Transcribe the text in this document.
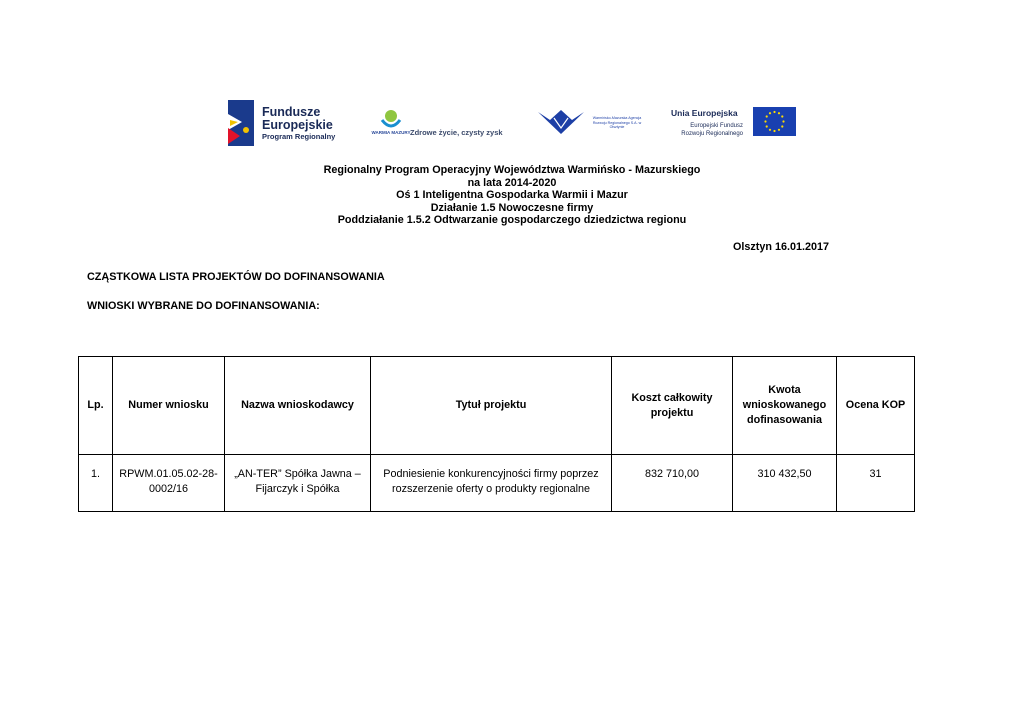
Fundusze
Europejskie
Program Regionalny	WARMIA MAZURY Zdrowe życie, czysty zysk
Warmińsko-Mazurska Agencja Rozwoju Regionalnego S.A. w Olsztynie
Unia Europejska
Europejski Fundusz
Rozwoju Regionalnego
Regionalny Program Operacyjny Województwa Warmińsko - Mazurskiego
na lata 2014-2020
Oś 1 Inteligentna Gospodarka Warmii i Mazur
Działanie 1.5 Nowoczesne firmy
Poddziałanie 1.5.2 Odtwarzanie gospodarczego dziedzictwa regionu
Olsztyn 16.01.2017
CZĄSTKOWA LISTA PROJEKTÓW DO DOFINANSOWANIA
WNIOSKI WYBRANE DO DOFINANSOWANIA:
Lp.	Numer wniosku	Nazwa wnioskodawcy	Tytuł projektu	Koszt całkowity projektu	Kwota wnioskowanego dofinasowania	Ocena KOP
1.	RPWM.01.05.02-28-0002/16	„AN-TER” Spółka Jawna – Fijarczyk i Spółka	Podniesienie konkurencyjności firmy poprzez rozszerzenie oferty o produkty regionalne	832 710,00	310 432,50	31
